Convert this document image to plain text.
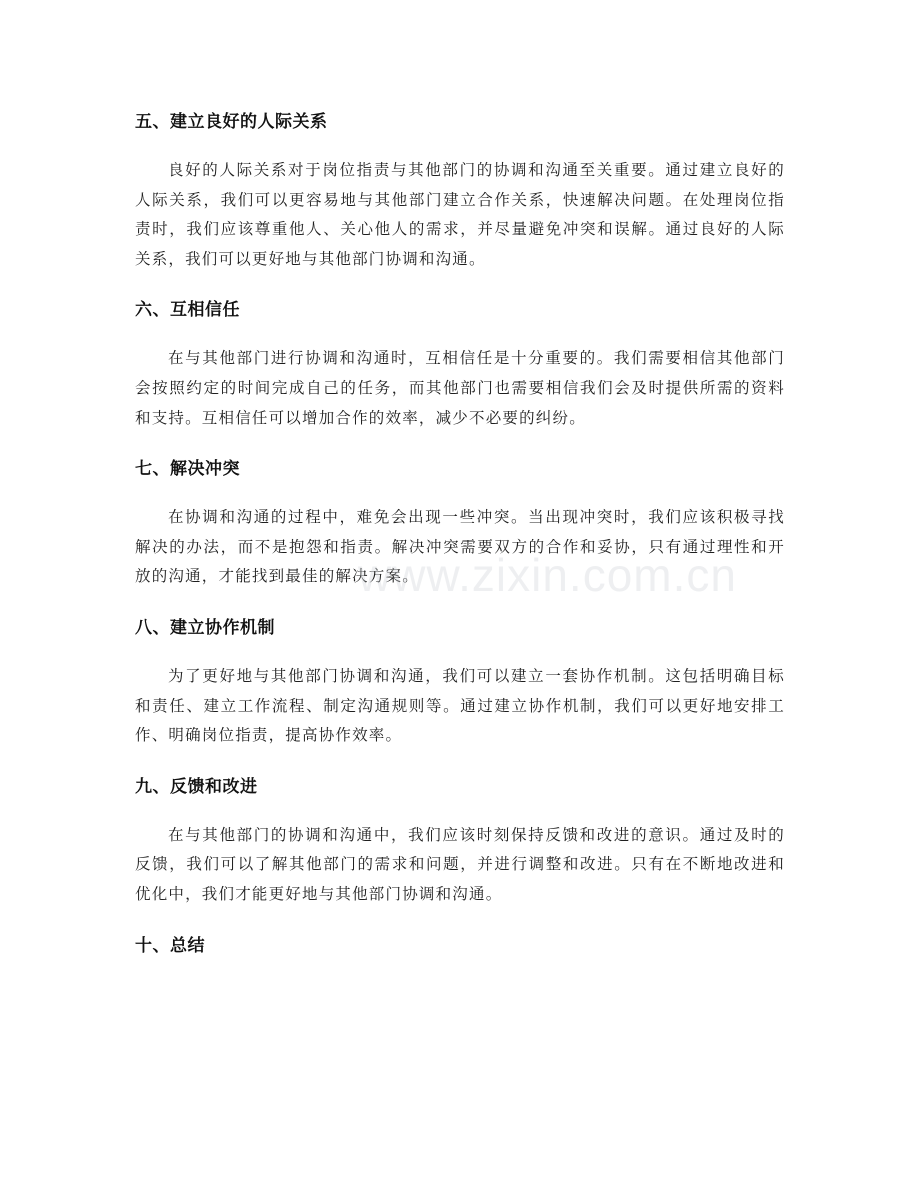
五、建立良好的人际关系

良好的人际关系对于岗位指责与其他部门的协调和沟通至关重要。通过建立良好的人际关系，我们可以更容易地与其他部门建立合作关系，快速解决问题。在处理岗位指责时，我们应该尊重他人、关心他人的需求，并尽量避免冲突和误解。通过良好的人际关系，我们可以更好地与其他部门协调和沟通。

六、互相信任

在与其他部门进行协调和沟通时，互相信任是十分重要的。我们需要相信其他部门会按照约定的时间完成自己的任务，而其他部门也需要相信我们会及时提供所需的资料和支持。互相信任可以增加合作的效率，减少不必要的纠纷。

七、解决冲突

在协调和沟通的过程中，难免会出现一些冲突。当出现冲突时，我们应该积极寻找解决的办法，而不是抱怨和指责。解决冲突需要双方的合作和妥协，只有通过理性和开放的沟通，才能找到最佳的解决方案。

八、建立协作机制

为了更好地与其他部门协调和沟通，我们可以建立一套协作机制。这包括明确目标和责任、建立工作流程、制定沟通规则等。通过建立协作机制，我们可以更好地安排工作、明确岗位指责，提高协作效率。

九、反馈和改进

在与其他部门的协调和沟通中，我们应该时刻保持反馈和改进的意识。通过及时的反馈，我们可以了解其他部门的需求和问题，并进行调整和改进。只有在不断地改进和优化中，我们才能更好地与其他部门协调和沟通。

十、总结
www.zixin.com.cn
